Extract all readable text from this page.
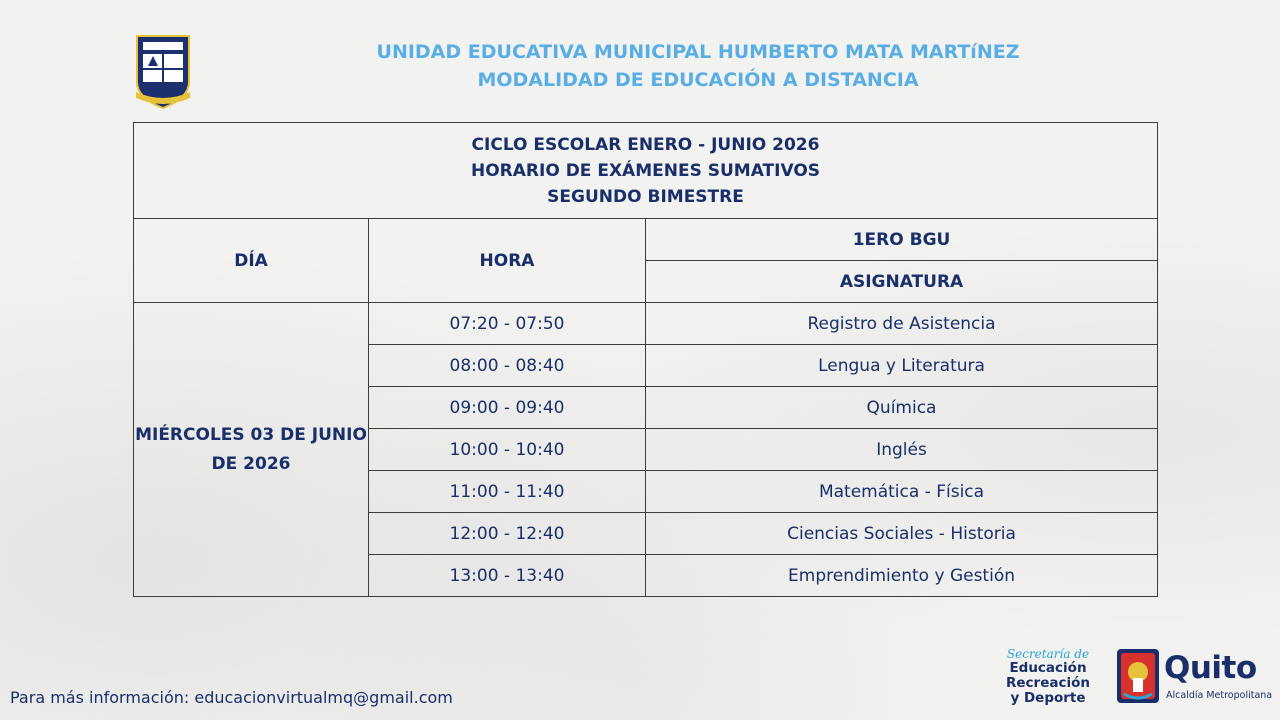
UNIDAD EDUCATIVA MUNICIPAL HUMBERTO MATA MARTíNEZ
MODALIDAD DE EDUCACIÓN A DISTANCIA
CICLO ESCOLAR ENERO - JUNIO 2026
HORARIO DE EXÁMENES SUMATIVOS
SEGUNDO BIMESTRE		

DÍA	HORA	1ERO BGU
		ASIGNATURA
MIÉRCOLES 03 DE JUNIO DE 2026	07:20 - 07:50	Registro de Asistencia
	08:00 - 08:40	Lengua y Literatura
	09:00 - 09:40	Química
	10:00 - 10:40	Inglés
	11:00 - 11:40	Matemática - Física
	12:00 - 12:40	Ciencias Sociales - Historia
	13:00 - 13:40	Emprendimiento y Gestión
Para más información: educacionvirtualmq@gmail.com
Secretaría de
Educación
Recreación
y Deporte
Quito
Alcaldía Metropolitana
